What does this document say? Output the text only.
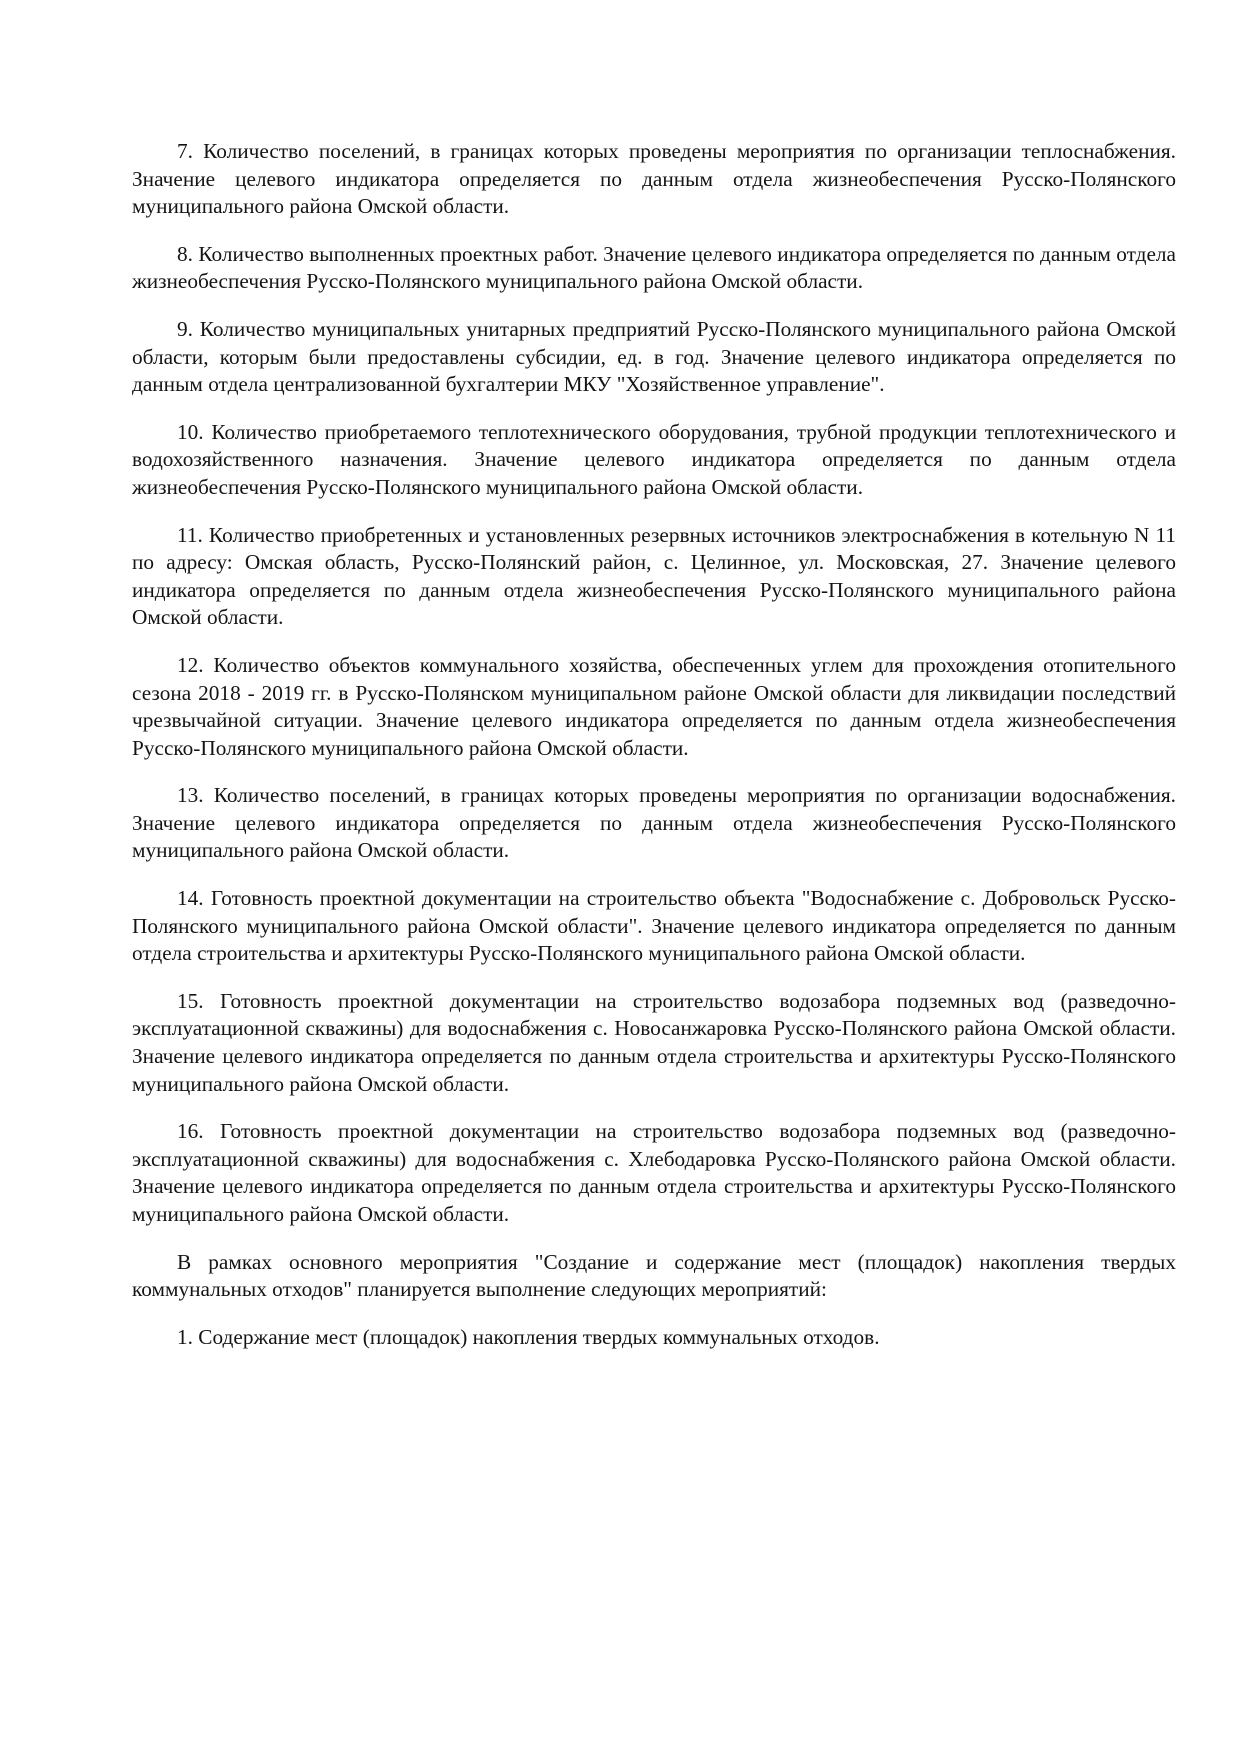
7. Количество поселений, в границах которых проведены мероприятия по организации теплоснабжения. Значение целевого индикатора определяется по данным отдела жизнеобеспечения Русско-Полянского муниципального района Омской области.

8. Количество выполненных проектных работ. Значение целевого индикатора определяется по данным отдела жизнеобеспечения Русско-Полянского муниципального района Омской области.

9. Количество муниципальных унитарных предприятий Русско-Полянского муниципального района Омской области, которым были предоставлены субсидии, ед. в год. Значение целевого индикатора определяется по данным отдела централизованной бухгалтерии МКУ "Хозяйственное управление".

10. Количество приобретаемого теплотехнического оборудования, трубной продукции теплотехнического и водохозяйственного назначения. Значение целевого индикатора определяется по данным отдела жизнеобеспечения Русско-Полянского муниципального района Омской области.

11. Количество приобретенных и установленных резервных источников электроснабжения в котельную N 11 по адресу: Омская область, Русско-Полянский район, с. Целинное, ул. Московская, 27. Значение целевого индикатора определяется по данным отдела жизнеобеспечения Русско-Полянского муниципального района Омской области.

12. Количество объектов коммунального хозяйства, обеспеченных углем для прохождения отопительного сезона 2018 - 2019 гг. в Русско-Полянском муниципальном районе Омской области для ликвидации последствий чрезвычайной ситуации. Значение целевого индикатора определяется по данным отдела жизнеобеспечения Русско-Полянского муниципального района Омской области.

13. Количество поселений, в границах которых проведены мероприятия по организации водоснабжения. Значение целевого индикатора определяется по данным отдела жизнеобеспечения Русско-Полянского муниципального района Омской области.

14. Готовность проектной документации на строительство объекта "Водоснабжение с. Добровольск Русско-Полянского муниципального района Омской области". Значение целевого индикатора определяется по данным отдела строительства и архитектуры Русско-Полянского муниципального района Омской области.

15. Готовность проектной документации на строительство водозабора подземных вод (разведочно-эксплуатационной скважины) для водоснабжения с. Новосанжаровка Русско-Полянского района Омской области. Значение целевого индикатора определяется по данным отдела строительства и архитектуры Русско-Полянского муниципального района Омской области.

16. Готовность проектной документации на строительство водозабора подземных вод (разведочно-эксплуатационной скважины) для водоснабжения с. Хлебодаровка Русско-Полянского района Омской области. Значение целевого индикатора определяется по данным отдела строительства и архитектуры Русско-Полянского муниципального района Омской области.

В рамках основного мероприятия "Создание и содержание мест (площадок) накопления твердых коммунальных отходов" планируется выполнение следующих мероприятий:

1. Содержание мест (площадок) накопления твердых коммунальных отходов.
